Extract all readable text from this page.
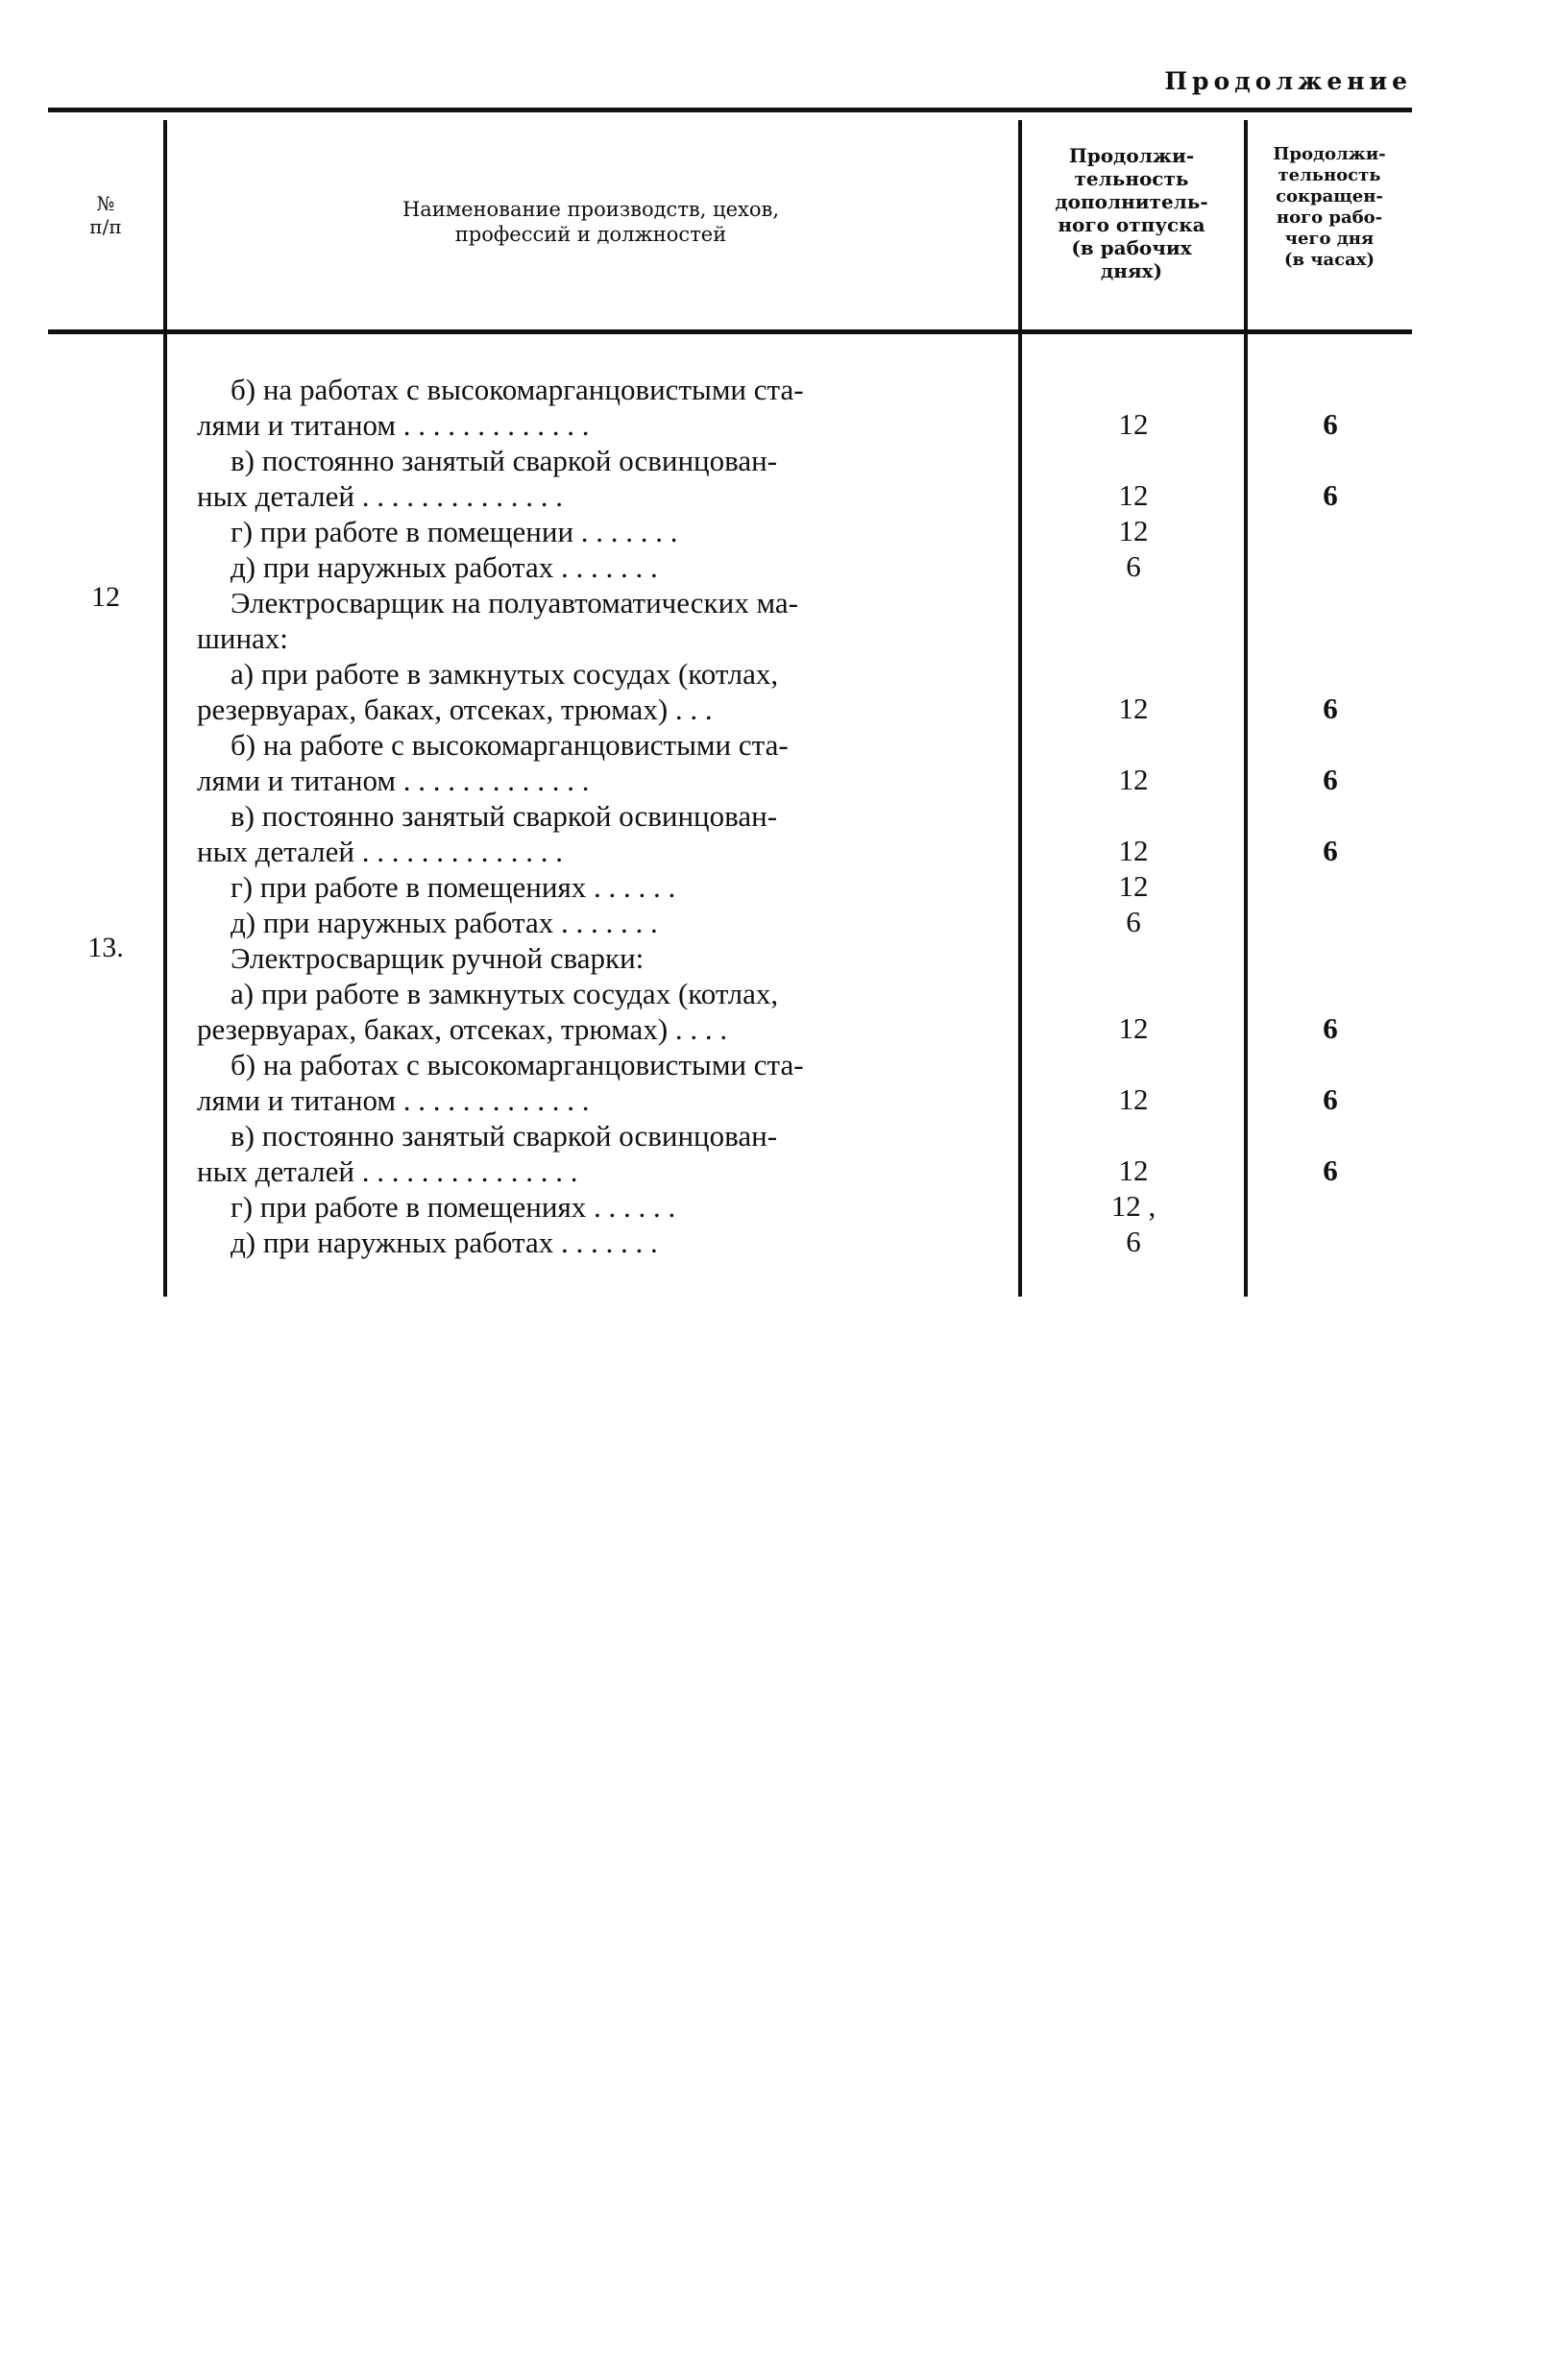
Продолжение
№
п/п
Наименование производств, цехов,
профессий и должностей
Продолжи-
тельность
дополнитель-
ного отпуска
(в рабочих
днях)
Продолжи-
тельность
сокращен-
ного рабо-
чего дня
(в часах)
12
13.
б) на работах с высокомарганцовистыми ста-
лями и титаном . . . . . . . . . . . . .
в) постоянно занятый сваркой освинцован-
ных деталей . . . . . . . . . . . . . .
г) при работе в помещении . . . . . . .
д) при наружных работах . . . . . . .
Электросварщик на полуавтоматических ма-
шинах:
а) при работе в замкнутых сосудах (котлах,
резервуарах, баках, отсеках, трюмах) . . .
б) на работе с высокомарганцовистыми ста-
лями и титаном . . . . . . . . . . . . .
в) постоянно занятый сваркой освинцован-
ных деталей . . . . . . . . . . . . . .
г) при работе в помещениях . . . . . .
д) при наружных работах . . . . . . .
Электросварщик ручной сварки:
а) при работе в замкнутых сосудах (котлах,
резервуарах, баках, отсеках, трюмах) . . . .
б) на работах с высокомарганцовистыми ста-
лями и титаном . . . . . . . . . . . . .
в) постоянно занятый сваркой освинцован-
ных деталей . . . . . . . . . . . . . . .
г) при работе в помещениях . . . . . .
д) при наружных работах . . . . . . .
12
12
12
6
12
12
12
12
6
12
12
12
12 ,
6
6
6
6
6
6
6
6
6
